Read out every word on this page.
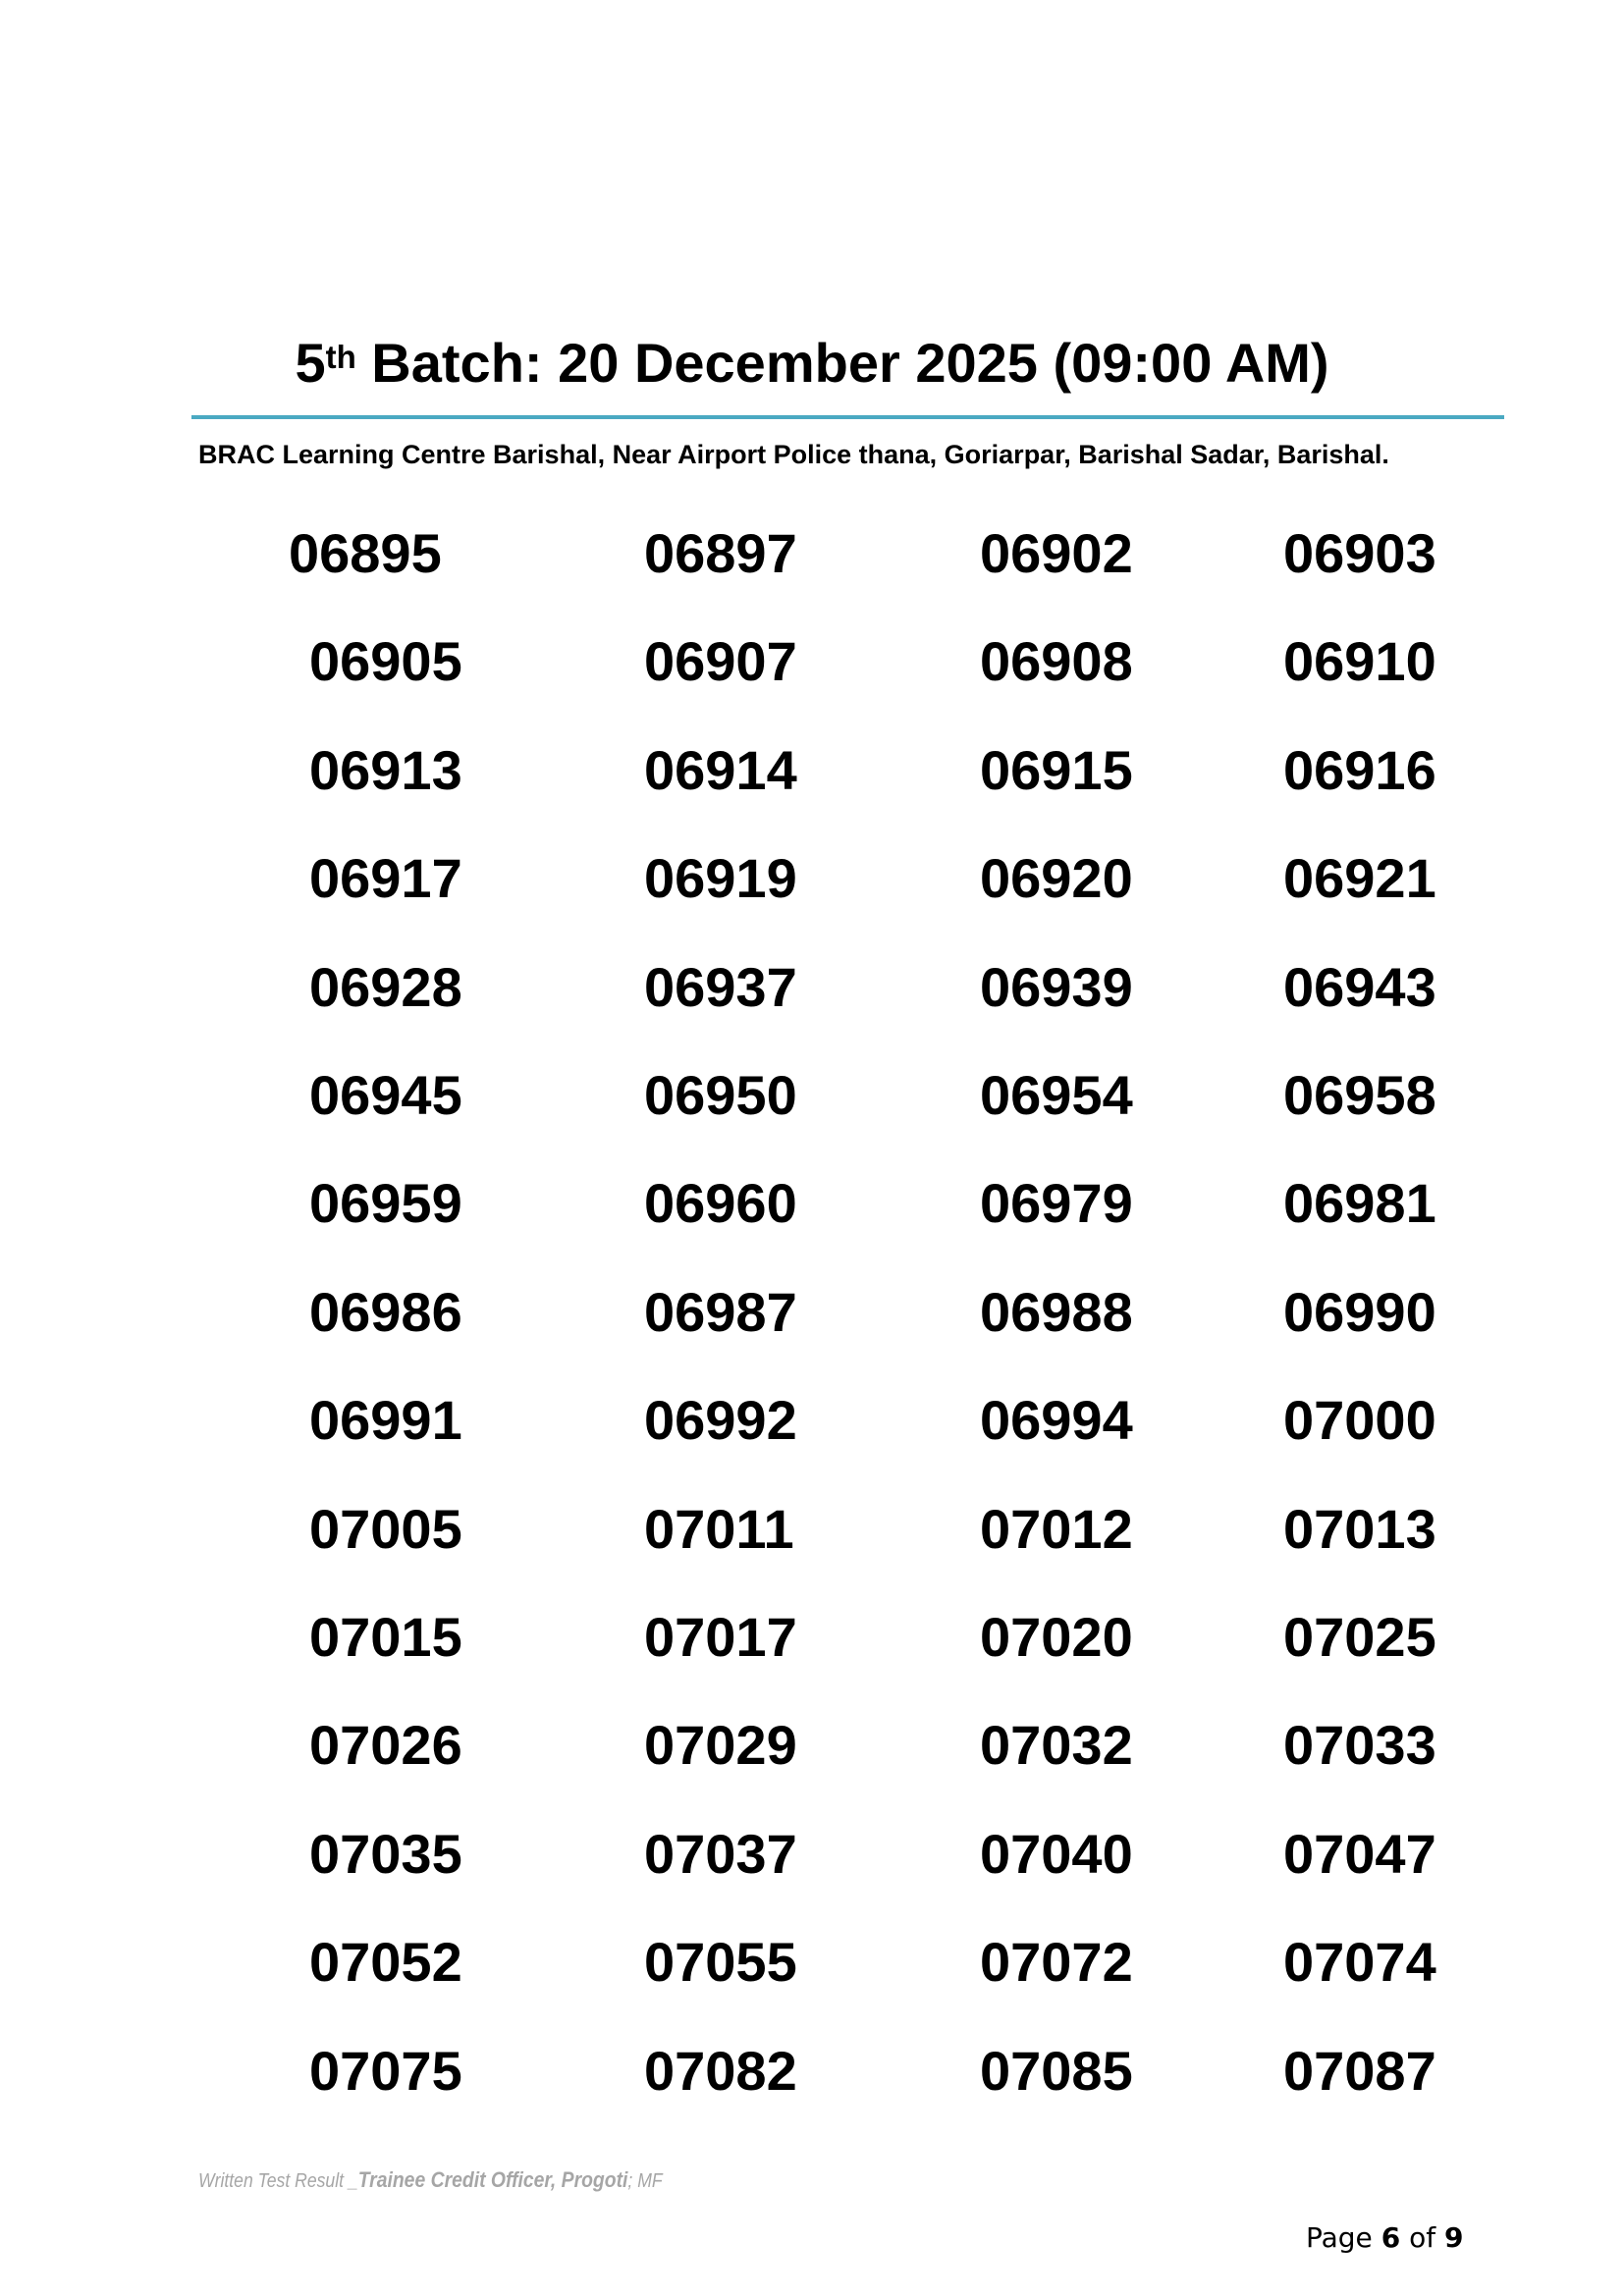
5th Batch: 20 December 2025 (09:00 AM)
BRAC Learning Centre Barishal, Near Airport Police thana, Goriarpar, Barishal Sadar, Barishal.
06895	06897	06902	06903
06905	06907	06908	06910
06913	06914	06915	06916
06917	06919	06920	06921
06928	06937	06939	06943
06945	06950	06954	06958
06959	06960	06979	06981
06986	06987	06988	06990
06991	06992	06994	07000
07005	07011	07012	07013
07015	07017	07020	07025
07026	07029	07032	07033
07035	07037	07040	07047
07052	07055	07072	07074
07075	07082	07085	07087
Written Test Result _Trainee Credit Officer, Progoti; MF
Page 6 of 9
